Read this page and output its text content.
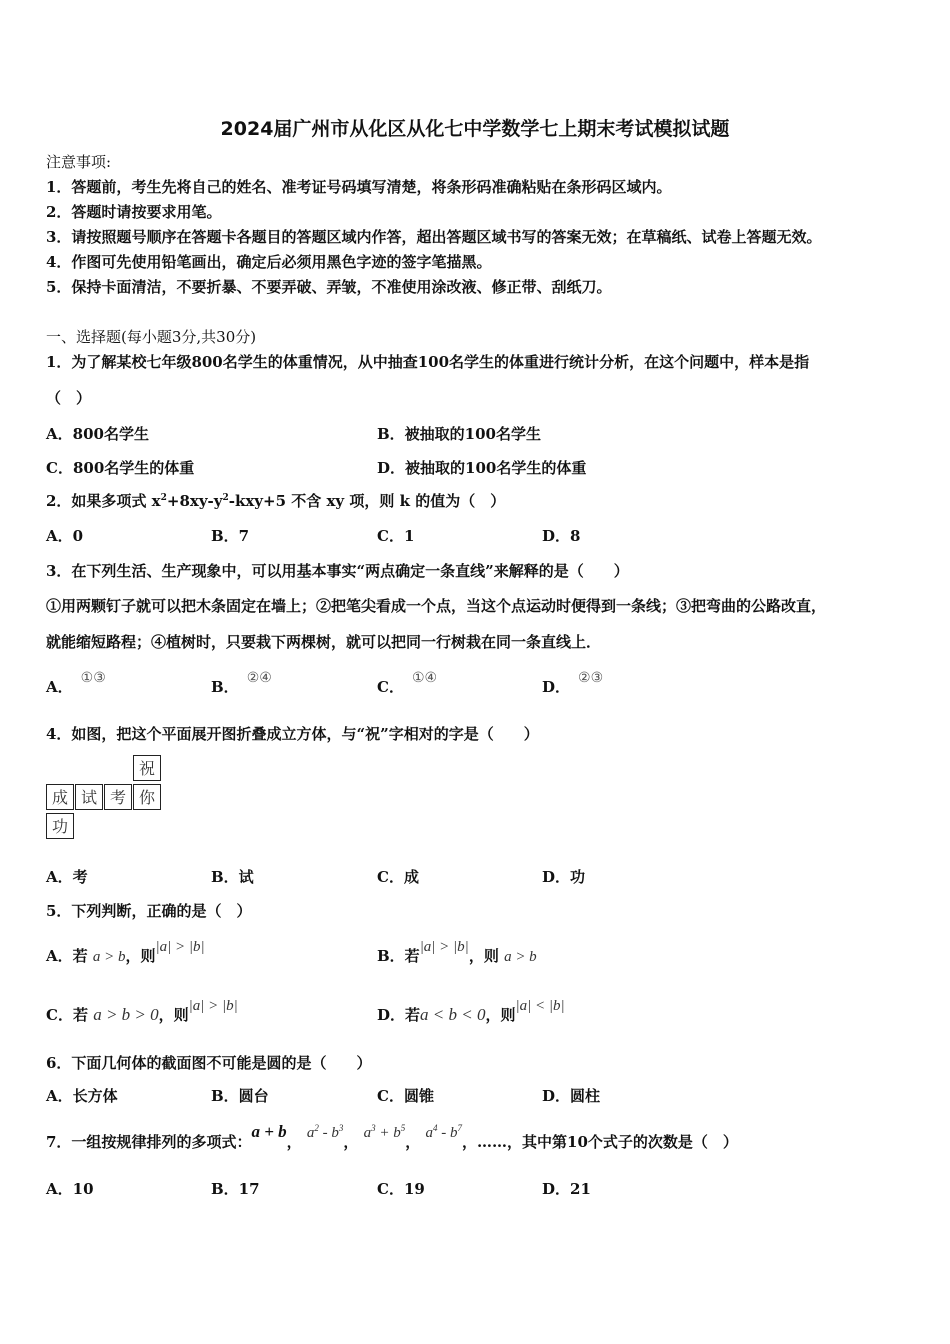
2024届广州市从化区从化七中学数学七上期末考试模拟试题
注意事项:
1．答题前，考生先将自己的姓名、准考证号码填写清楚，将条形码准确粘贴在条形码区域内。
2．答题时请按要求用笔。
3．请按照题号顺序在答题卡各题目的答题区域内作答，超出答题区域书写的答案无效；在草稿纸、试卷上答题无效。
4．作图可先使用铅笔画出，确定后必须用黑色字迹的签字笔描黑。
5．保持卡面清洁，不要折暴、不要弄破、弄皱，不准使用涂改液、修正带、刮纸刀。
一、选择题(每小题3分,共30分)
1．为了解某校七年级800名学生的体重情况，从中抽查100名学生的体重进行统计分析，在这个问题中，样本是指
（　）
A．800名学生	B．被抽取的100名学生
C．800名学生的体重	D．被抽取的100名学生的体重
2．如果多项式 $x^2+8xy-y^2-kxy+5$ 不含 xy 项，则 k 的值为（　）
A．0	B．7	C．1	D．8
3．在下列生活、生产现象中，可以用基本事实“两点确定一条直线”来解释的是（　　）
①用两颗钉子就可以把木条固定在墙上；②把笔尖看成一个点，当这个点运动时便得到一条线；③把弯曲的公路改直，
就能缩短路程；④植树时，只要栽下两棵树，就可以把同一行树栽在同一条直线上．
A． ①③	B． ②④	C． ①④	D． ②③
4．如图，把这个平面展开图折叠成立方体，与“祝”字相对的字是（　　）
祝
成 试 考 你
功
A．考	B．试	C．成	D．功
5．下列判断，正确的是（　）
A．若 a > b，则|a| > |b|	B．若|a| > |b|，则 a > b
C．若 a > b > 0，则|a| > |b|	D．若a < b < 0，则|a| < |b|
6．下面几何体的截面图不可能是圆的是（　　）
A．长方体	B．圆台	C．圆锥	D．圆柱
7．一组按规律排列的多项式：a + b， $a^2 - b^3$， $a^3 + b^5$， $a^4 - b^7$，……，其中第10个式子的次数是（　）
A．10	B．17	C．19	D．21
